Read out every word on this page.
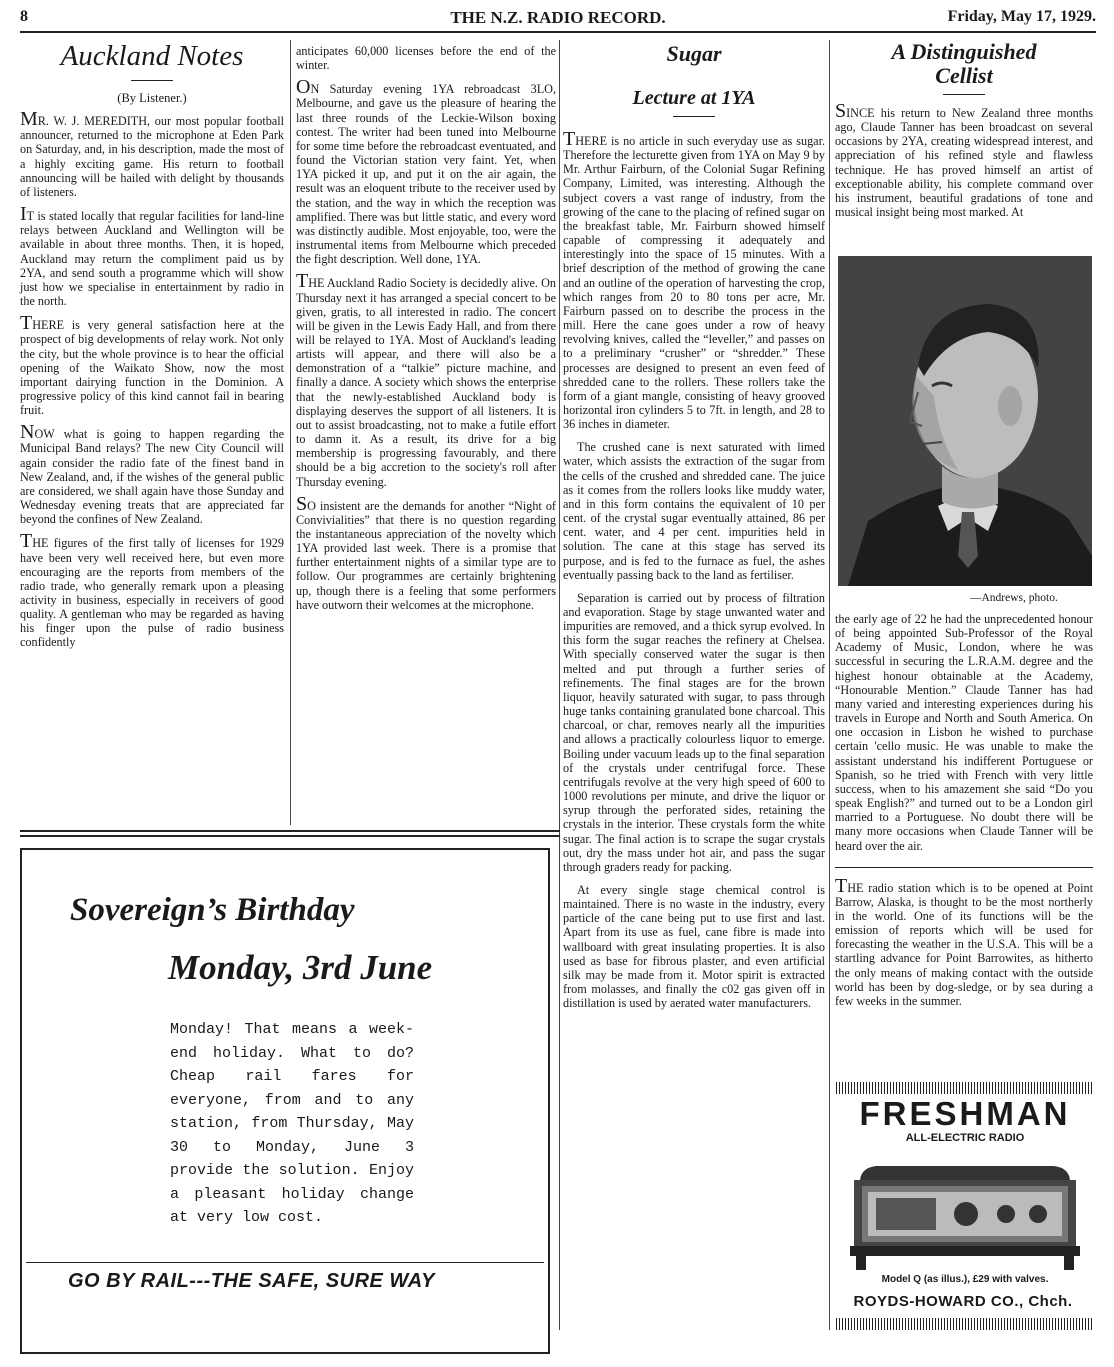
8	THE N.Z. RADIO RECORD.	Friday, May 17, 1929.
Auckland Notes
(By Listener.)

MR. W. J. MEREDITH, our most popular football announcer, returned to the microphone at Eden Park on Saturday, and, in his description, made the most of a highly exciting game. His return to football announcing will be hailed with delight by thousands of listeners.

IT is stated locally that regular facilities for land-line relays between Auckland and Wellington will be available in about three months. Then, it is hoped, Auckland may return the compliment paid us by 2YA, and send south a programme which will show just how we specialise in entertainment by radio in the north.

THERE is very general satisfaction here at the prospect of big developments of relay work. Not only the city, but the whole province is to hear the official opening of the Waikato Show, now the most important dairying function in the Dominion. A progressive policy of this kind cannot fail in bearing fruit.

NOW what is going to happen regarding the Municipal Band relays? The new City Council will again consider the radio fate of the finest band in New Zealand, and, if the wishes of the general public are considered, we shall again have those Sunday and Wednesday evening treats that are appreciated far beyond the confines of New Zealand.

THE figures of the first tally of licenses for 1929 have been very well received here, but even more encouraging are the reports from members of the radio trade, who generally remark upon a pleasing activity in business, especially in receivers of good quality. A gentleman who may be regarded as having his finger upon the pulse of radio business confidently

anticipates 60,000 licenses before the end of the winter.

ON Saturday evening 1YA rebroadcast 3LO, Melbourne, and gave us the pleasure of hearing the last three rounds of the Leckie-Wilson boxing contest. The writer had been tuned into Melbourne for some time before the rebroadcast eventuated, and found the Victorian station very faint. Yet, when 1YA picked it up, and put it on the air again, the result was an eloquent tribute to the receiver used by the station, and the way in which the reception was amplified. There was but little static, and every word was distinctly audible. Most enjoyable, too, were the instrumental items from Melbourne which preceded the fight description. Well done, 1YA.

THE Auckland Radio Society is decidedly alive. On Thursday next it has arranged a special concert to be given, gratis, to all interested in radio. The concert will be given in the Lewis Eady Hall, and from there will be relayed to 1YA. Most of Auckland's leading artists will appear, and there will also be a demonstration of a “talkie” picture machine, and finally a dance. A society which shows the enterprise that the newly-established Auckland body is displaying deserves the support of all listeners. It is out to assist broadcasting, not to make a futile effort to damn it. As a result, its drive for a big membership is progressing favourably, and there should be a big accretion to the society's roll after Thursday evening.

SO insistent are the demands for another “Night of Convivialities” that there is no question regarding the instantaneous appreciation of the novelty which 1YA provided last week. There is a promise that further entertainment nights of a similar type are to follow. Our programmes are certainly brightening up, though there is a feeling that some performers have outworn their welcomes at the microphone.

Sugar
Lecture at 1YA

THERE is no article in such everyday use as sugar. Therefore the lecturette given from 1YA on May 9 by Mr. Arthur Fairburn, of the Colonial Sugar Refining Company, Limited, was interesting. Although the subject covers a vast range of industry, from the growing of the cane to the placing of refined sugar on the breakfast table, Mr. Fairburn showed himself capable of compressing it adequately and interestingly into the space of 15 minutes. With a brief description of the method of growing the cane and an outline of the operation of harvesting the crop, which ranges from 20 to 80 tons per acre, Mr. Fairburn passed on to describe the process in the mill. Here the cane goes under a row of heavy revolving knives, called the “leveller,” and passes on to a preliminary “crusher” or “shredder.” These processes are designed to present an even feed of shredded cane to the rollers. These rollers take the form of a giant mangle, consisting of heavy grooved horizontal iron cylinders 5 to 7ft. in length, and 28 to 36 inches in diameter.

The crushed cane is next saturated with limed water, which assists the extraction of the sugar from the cells of the crushed and shredded cane. The juice as it comes from the rollers looks like muddy water, and in this form contains the equivalent of 10 per cent. of the crystal sugar eventually attained, 86 per cent. water, and 4 per cent. impurities held in solution. The cane at this stage has served its purpose, and is fed to the furnace as fuel, the ashes eventually passing back to the land as fertiliser.

Separation is carried out by process of filtration and evaporation. Stage by stage unwanted water and impurities are removed, and a thick syrup evolved. In this form the sugar reaches the refinery at Chelsea. With specially conserved water the sugar is then melted and put through a further series of refinements. The final stages are for the brown liquor, heavily saturated with sugar, to pass through huge tanks containing granulated bone charcoal. This charcoal, or char, removes nearly all the impurities and allows a practically colourless liquor to emerge. Boiling under vacuum leads up to the final separation of the crystals under centrifugal force. These centrifugals revolve at the very high speed of 600 to 1000 revolutions per minute, and drive the liquor or syrup through the perforated sides, retaining the crystals in the interior. These crystals form the white sugar. The final action is to scrape the sugar crystals out, dry the mass under hot air, and pass the sugar through graders ready for packing.

At every single stage chemical control is maintained. There is no waste in the industry, every particle of the cane being put to use first and last. Apart from its use as fuel, cane fibre is made into wallboard with great insulating properties. It is also used as base for fibrous plaster, and even artificial silk may be made from it. Motor spirit is extracted from molasses, and finally the c02 gas given off in distillation is used by aerated water manufacturers.

A Distinguished
Cellist

SINCE his return to New Zealand three months ago, Claude Tanner has been broadcast on several occasions by 2YA, creating widespread interest, and appreciation of his refined style and flawless technique. He has proved himself an artist of exceptionable ability, his complete command over his instrument, beautiful gradations of tone and musical insight being most marked. At

—Andrews, photo.

the early age of 22 he had the unprecedented honour of being appointed Sub-Professor of the Royal Academy of Music, London, where he was successful in securing the L.R.A.M. degree and the highest honour obtainable at the Academy, “Honourable Mention.” Claude Tanner has had many varied and interesting experiences during his travels in Europe and North and South America. On one occasion in Lisbon he wished to purchase certain 'cello music. He was unable to make the assistant understand his indifferent Portuguese or Spanish, so he tried with French with very little success, when to his amazement she said “Do you speak English?” and turned out to be a London girl married to a Portuguese. No doubt there will be many more occasions when Claude Tanner will be heard over the air.

THE radio station which is to be opened at Point Barrow, Alaska, is thought to be the most northerly in the world. One of its functions will be the emission of reports which will be used for forecasting the weather in the U.S.A. This will be a startling advance for Point Barrowites, as hitherto the only means of making contact with the outside world has been by dog-sledge, or by sea during a few weeks in the summer.

FRESHMAN
ALL-ELECTRIC RADIO
Model Q (as illus.), £29 with valves.
ROYDS-HOWARD CO., Chch.
Sovereign’s Birthday
Monday, 3rd June
Monday! That means a week-end holiday. What to do? Cheap rail fares for everyone, from and to any station, from Thursday, May 30 to Monday, June 3 provide the solution. Enjoy a pleasant holiday change at very low cost.
GO BY RAIL---THE SAFE, SURE WAY
